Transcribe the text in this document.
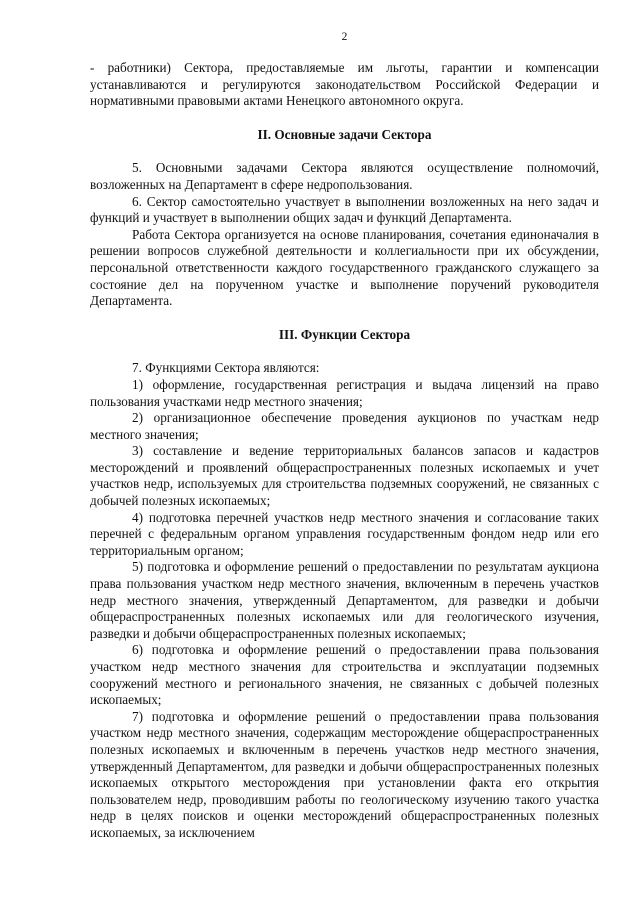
2

- работники) Сектора, предоставляемые им льготы, гарантии и компенсации устанавливаются и регулируются законодательством Российской Федерации и нормативными правовыми актами Ненецкого автономного округа.

II. Основные задачи Сектора

5. Основными задачами Сектора являются осуществление полномочий, возложенных на Департамент в сфере недропользования.

6. Сектор самостоятельно участвует в выполнении возложенных на него задач и функций и участвует в выполнении общих задач и функций Департамента.

Работа Сектора организуется на основе планирования, сочетания единоначалия в решении вопросов служебной деятельности и коллегиальности при их обсуждении, персональной ответственности каждого государственного гражданского служащего за состояние дел на порученном участке и выполнение поручений руководителя Департамента.

III. Функции Сектора

7. Функциями Сектора являются:

1) оформление, государственная регистрация и выдача лицензий на право пользования участками недр местного значения;

2) организационное обеспечение проведения аукционов по участкам недр местного значения;

3) составление и ведение территориальных балансов запасов и кадастров месторождений и проявлений общераспространенных полезных ископаемых и учет участков недр, используемых для строительства подземных сооружений, не связанных с добычей полезных ископаемых;

4) подготовка перечней участков недр местного значения и согласование таких перечней с федеральным органом управления государственным фондом недр или его территориальным органом;

5) подготовка и оформление решений о предоставлении по результатам аукциона права пользования участком недр местного значения, включенным в перечень участков недр местного значения, утвержденный Департаментом, для разведки и добычи общераспространенных полезных ископаемых или для геологического изучения, разведки и добычи общераспространенных полезных ископаемых;

6) подготовка и оформление решений о предоставлении права пользования участком недр местного значения для строительства и эксплуатации подземных сооружений местного и регионального значения, не связанных с добычей полезных ископаемых;

7) подготовка и оформление решений о предоставлении права пользования участком недр местного значения, содержащим месторождение общераспространенных полезных ископаемых и включенным в перечень участков недр местного значения, утвержденный Департаментом, для разведки и добычи общераспространенных полезных ископаемых открытого месторождения при установлении факта его открытия пользователем недр, проводившим работы по геологическому изучению такого участка недр в целях поисков и оценки месторождений общераспространенных полезных ископаемых, за исключением
